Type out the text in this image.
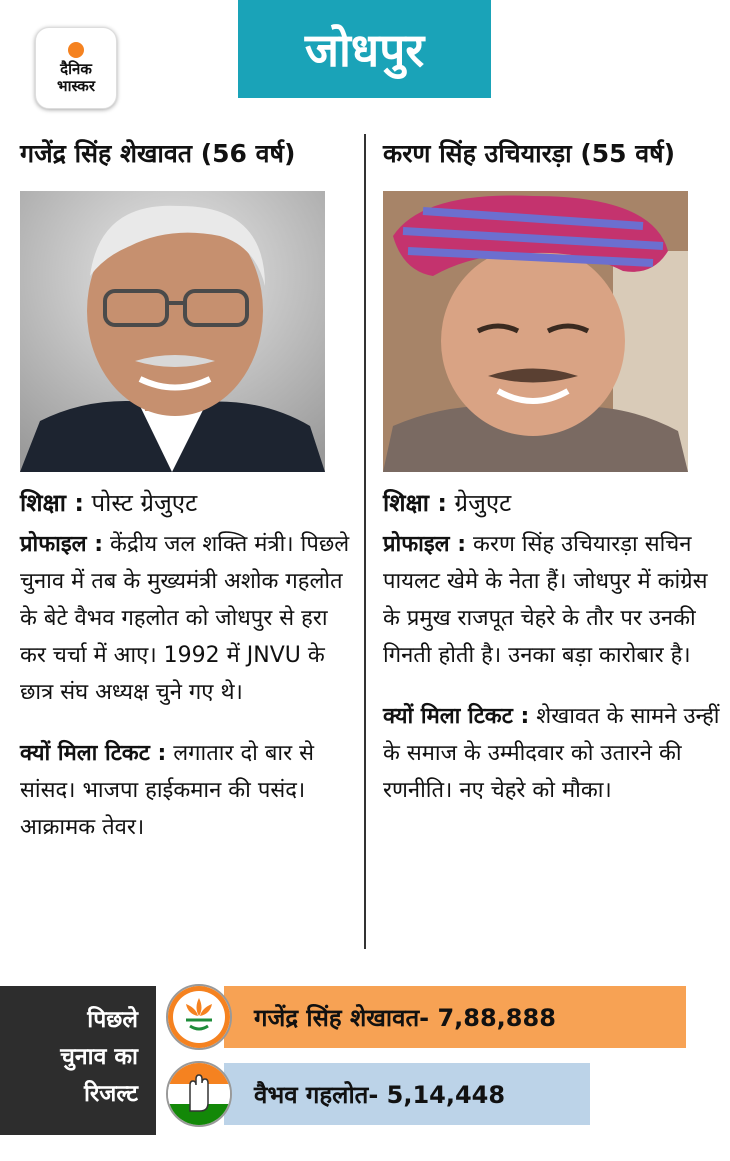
दैनिक
भास्कर
जोधपुर
गजेंद्र सिंह शेखावत (56 वर्ष)
शिक्षा : पोस्ट ग्रेजुएट
प्रोफाइल : केंद्रीय जल शक्ति मंत्री। पिछले चुनाव में तब के मुख्यमंत्री अशोक गहलोत के बेटे वैभव गहलोत को जोधपुर से हरा कर चर्चा में आए। 1992 में JNVU के छात्र संघ अध्यक्ष चुने गए थे।
क्यों मिला टिकट : लगातार दो बार से सांसद। भाजपा हाईकमान की पसंद। आक्रामक तेवर।
करण सिंह उचियारड़ा (55 वर्ष)
शिक्षा : ग्रेजुएट
प्रोफाइल : करण सिंह उचियारड़ा सचिन पायलट खेमे के नेता हैं। जोधपुर में कांग्रेस के प्रमुख राजपूत चेहरे के तौर पर उनकी गिनती होती है। उनका बड़ा कारोबार है।
क्यों मिला टिकट : शेखावत के सामने उन्हीं के समाज के उम्मीदवार को उतारने की रणनीति। नए चेहरे को मौका।
पिछले
चुनाव का
रिजल्ट
गजेंद्र सिंह शेखावत- 7,88,888
वैभव गहलोत- 5,14,448
